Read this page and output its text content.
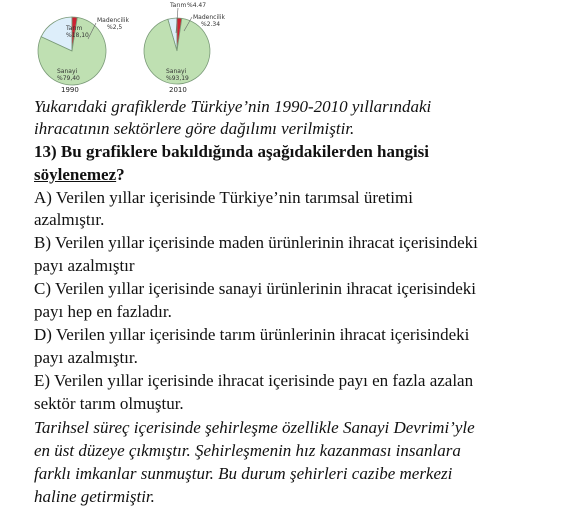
Tarım
%18,10
Madencilik
%2,5
Sanayi
%79,40
1990
Tarım %4.47
Madencilik
%2.34
Sanayi
%93,19
2010

Yukarıdaki grafiklerde Türkiye’nin 1990-2010 yıllarındaki

ihracatının sektörlere göre dağılımı verilmiştir.

13) Bu grafiklere bakıldığında aşağıdakilerden hangisi

söylenemez?

A) Verilen yıllar içerisinde Türkiye’nin tarımsal üretimi

azalmıştır.

B) Verilen yıllar içerisinde maden ürünlerinin ihracat içerisindeki

payı azalmıştır

C) Verilen yıllar içerisinde sanayi ürünlerinin ihracat içerisindeki

payı hep en fazladır.

D) Verilen yıllar içerisinde tarım ürünlerinin ihracat içerisindeki

payı azalmıştır.

E) Verilen yıllar içerisinde ihracat içerisinde payı en fazla azalan

sektör tarım olmuştur.

Tarihsel süreç içerisinde şehirleşme özellikle Sanayi Devrimi’yle

en üst düzeye çıkmıştır. Şehirleşmenin hız kazanması insanlara

farklı imkanlar sunmuştur. Bu durum şehirleri cazibe merkezi

haline getirmiştir.
